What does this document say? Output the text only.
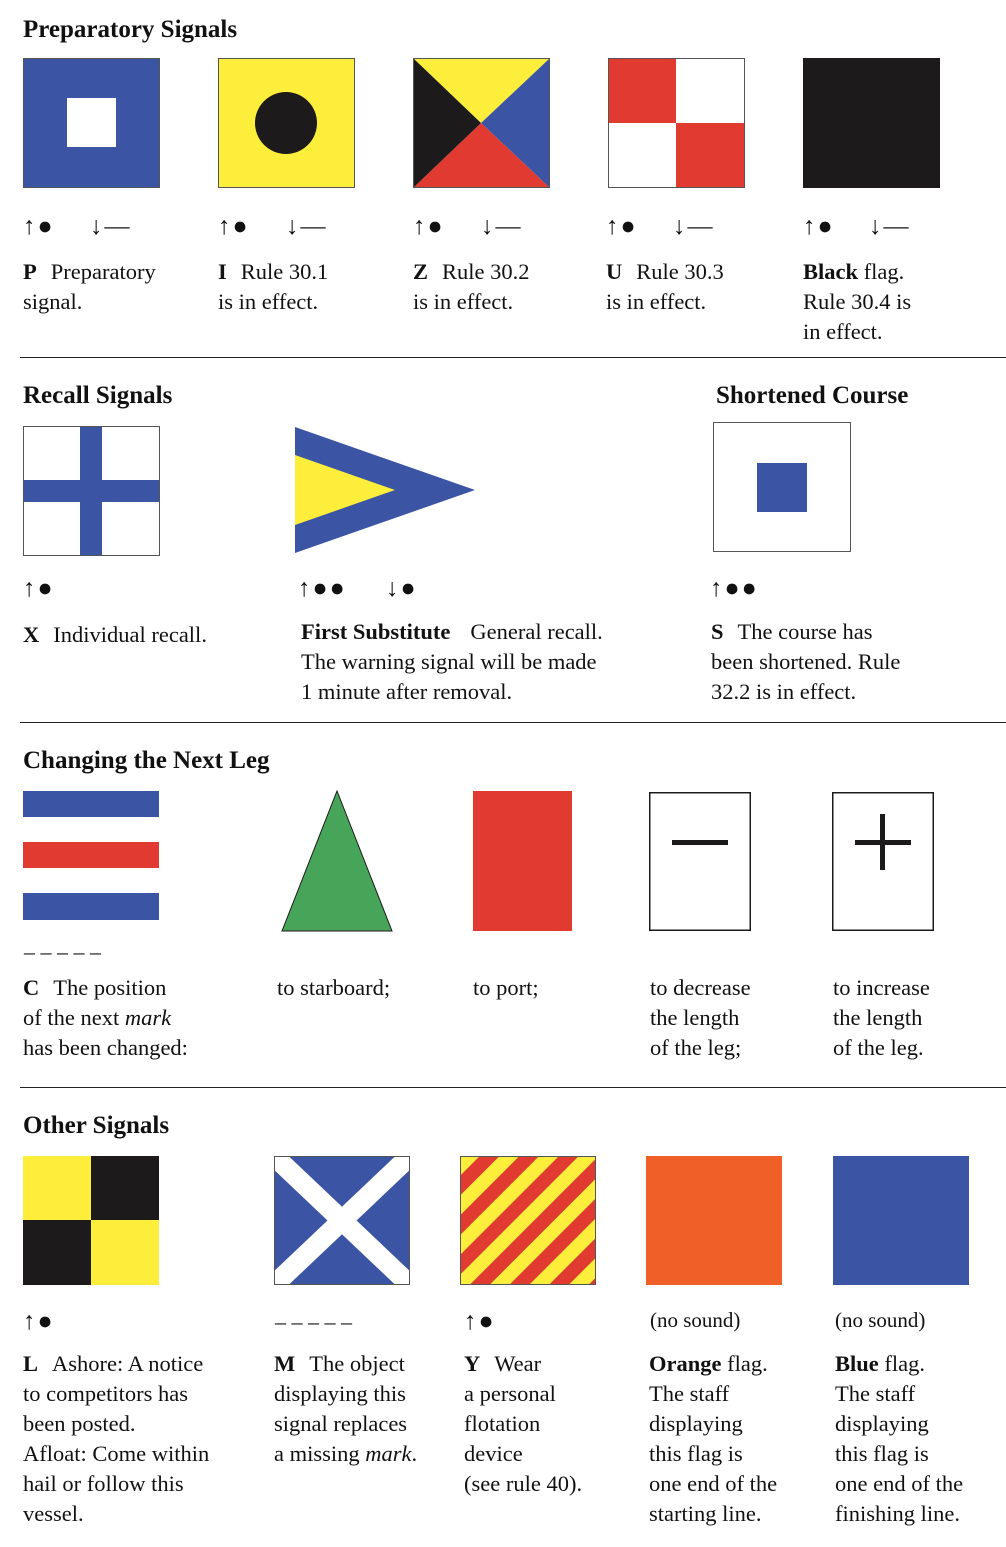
Preparatory Signals
↑● ↓—	↑● ↓—	↑● ↓—	↑● ↓—	↑● ↓—
P Preparatory
signal.
I Rule 30.1
is in effect.
Z Rule 30.2
is in effect.
U Rule 30.3
is in effect.
Black flag.
Rule 30.4 is
in effect.
Recall Signals	Shortened Course
↑●	↑●● ↓●	↑●●
X Individual recall.	First Substitute General recall.
The warning signal will be made
1 minute after removal.
S The course has
been shortened. Rule
32.2 is in effect.
Changing the Next Leg
– – – – –
C The position
of the next mark
has been changed:
to starboard;	to port;	to decrease
the length
of the leg;
to increase
the length
of the leg.
Other Signals
↑●	– – – – –	↑●	(no sound)	(no sound)
L Ashore: A notice
to competitors has
been posted.
Afloat: Come within
hail or follow this
vessel.
M The object
displaying this
signal replaces
a missing mark.
Y Wear
a personal
flotation
device
(see rule 40).
Orange flag.
The staff
displaying
this flag is
one end of the
starting line.
Blue flag.
The staff
displaying
this flag is
one end of the
finishing line.
